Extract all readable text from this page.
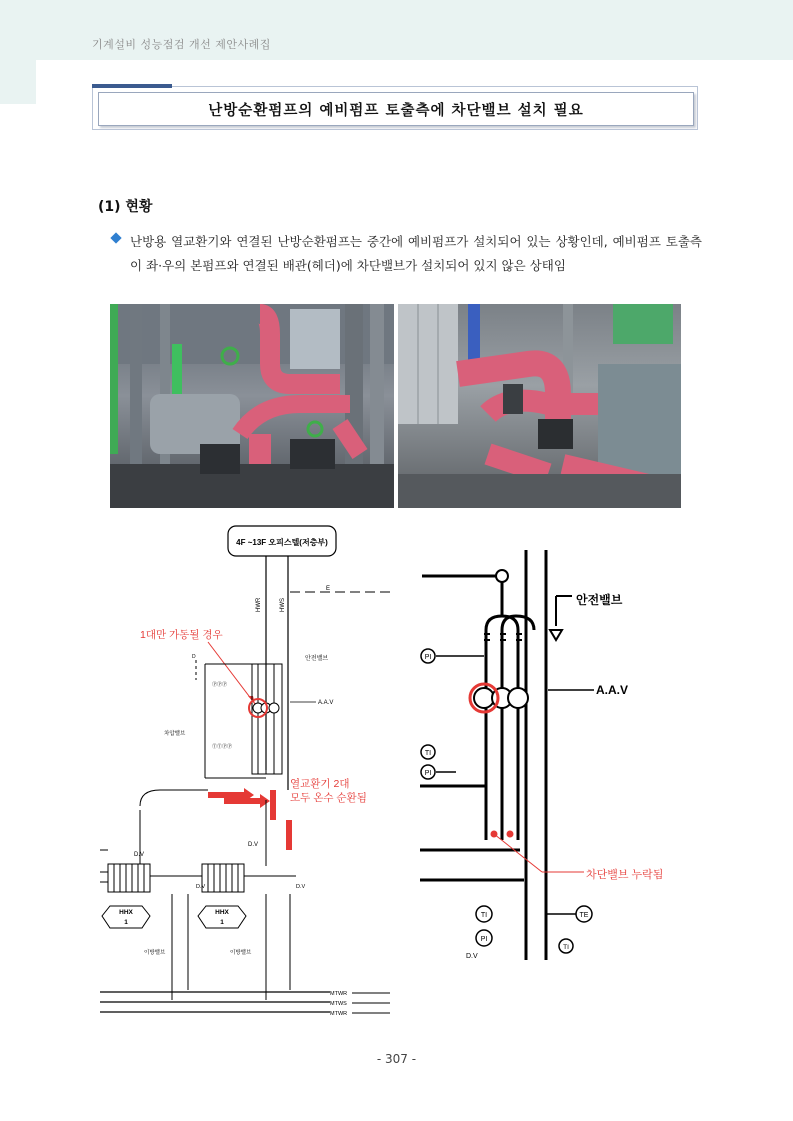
기계설비 성능점검 개선 제안사례집
난방순환펌프의 예비펌프 토출측에 차단밸브 설치 필요
(1) 현황
난방용 열교환기와 연결된 난방순환펌프는 중간에 예비펌프가 설치되어 있는 상황인데, 예비펌프 토출측이 좌·우의 본펌프와 연결된 배관(헤더)에 차단밸브가 설치되어 있지 않은 상태임
4F ~13F 오피스텔(저층부)
HWR	HWS
E
1대만 가동될 경우
D	안전밸브
ⓅⓅⓅ
A.A.V
차압밸브
ⓉⓉⓅⓅ
열교환기 2대
모두 온수 순환됨
D.V
D.V
D.V	D.V
HHX
1
HHX
1
이방밸브	이방밸브
MTWR
MTWS
MTWR
안전밸브
PI
A.A.V
TI
PI
차단밸브 누락됨
TI	TE
PI
TI
D.V
- 307 -
